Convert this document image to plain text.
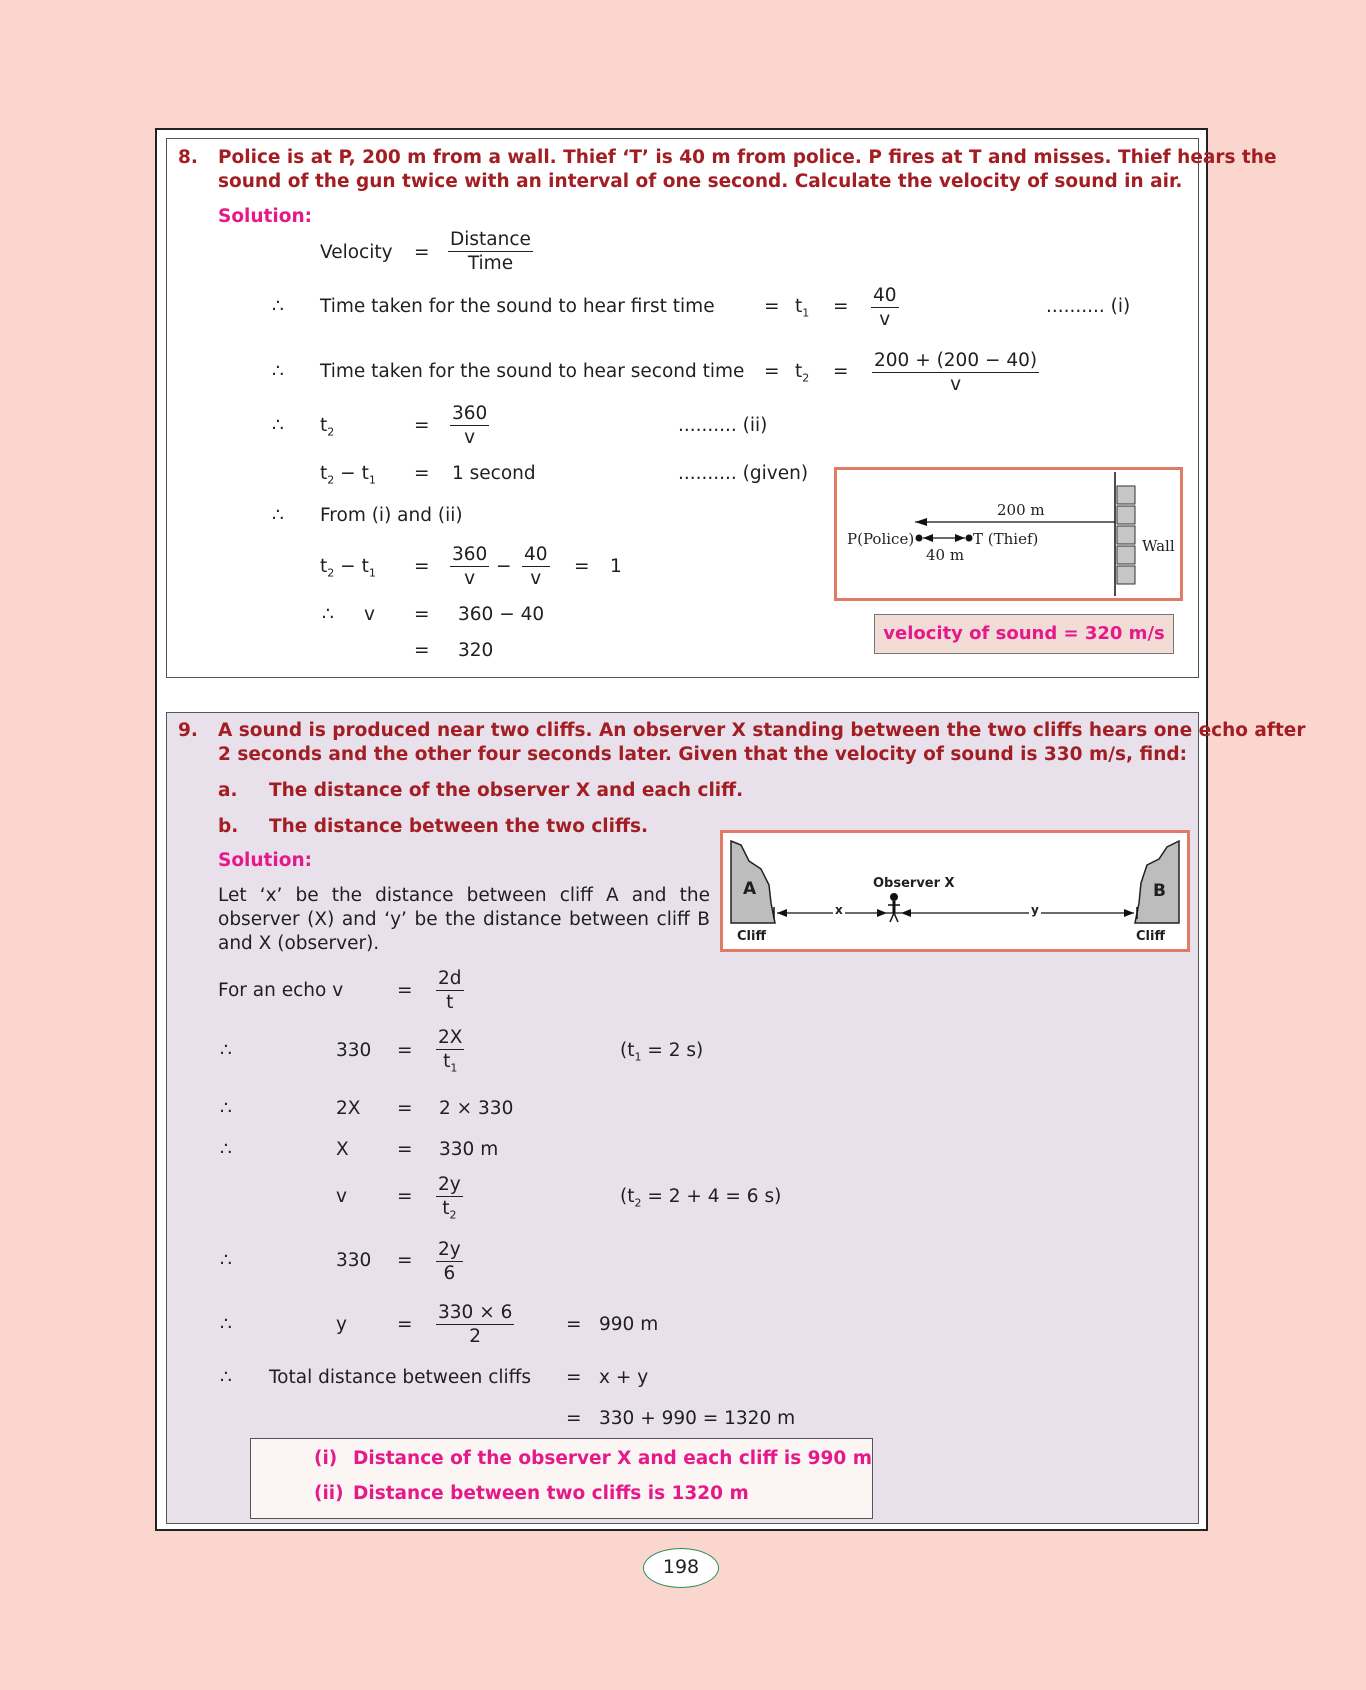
8. Police is at P, 200 m from a wall. Thief ‘T’ is 40 m from police. P fires at T and misses. Thief hears the
sound of the gun twice with an interval of one second. Calculate the velocity of sound in air.
Solution:
Velocity =
Distance
Time
∴ Time taken for the sound to hear first time	= $t_1 = \frac{40}{v}$	.......... (i)
∴ Time taken for the sound to hear second time = $t_2 = \frac{200 + (200 - 40)}{v}$
∴ $t_2$	= $\frac{360}{v}$	.......... (ii)
$t_2 - t_1 = 1$ second	.......... (given)
∴ From (i) and (ii)
$t_2 - t_1 = \frac{360}{v} - \frac{40}{v} = 1$
∴ v = 360 − 40
= 320
200 m
P(Police)	T (Thief)
40 m	Wall
velocity of sound = 320 m/s
9. A sound is produced near two cliffs. An observer X standing between the two cliffs hears one echo after
2 seconds and the other four seconds later. Given that the velocity of sound is 330 m/s, find:
a. The distance of the observer X and each cliff.
b. The distance between the two cliffs.
Solution:
Let ‘x’ be the distance between cliff A and the
observer (X) and ‘y’ be the distance between cliff B
and X (observer).
A	B
Observer X
x	y
Cliff	Cliff
For an echo v	= $\frac{2d}{t}$
∴	$330 = \frac{2X}{t_1}$	($t_1 = 2$ s)
∴	2X = 2 × 330
∴	X	= 330 m
v	= $\frac{2y}{t_2}$	($t_2 = 2 + 4 = 6$ s)
∴	$330 = \frac{2y}{6}$
∴	y	= $\frac{330 \times 6}{2}$	= 990 m
∴ Total distance between cliffs = x + y
= 330 + 990 = 1320 m
(i) Distance of the observer X and each cliff is 990 m
(ii) Distance between two cliffs is 1320 m
198
